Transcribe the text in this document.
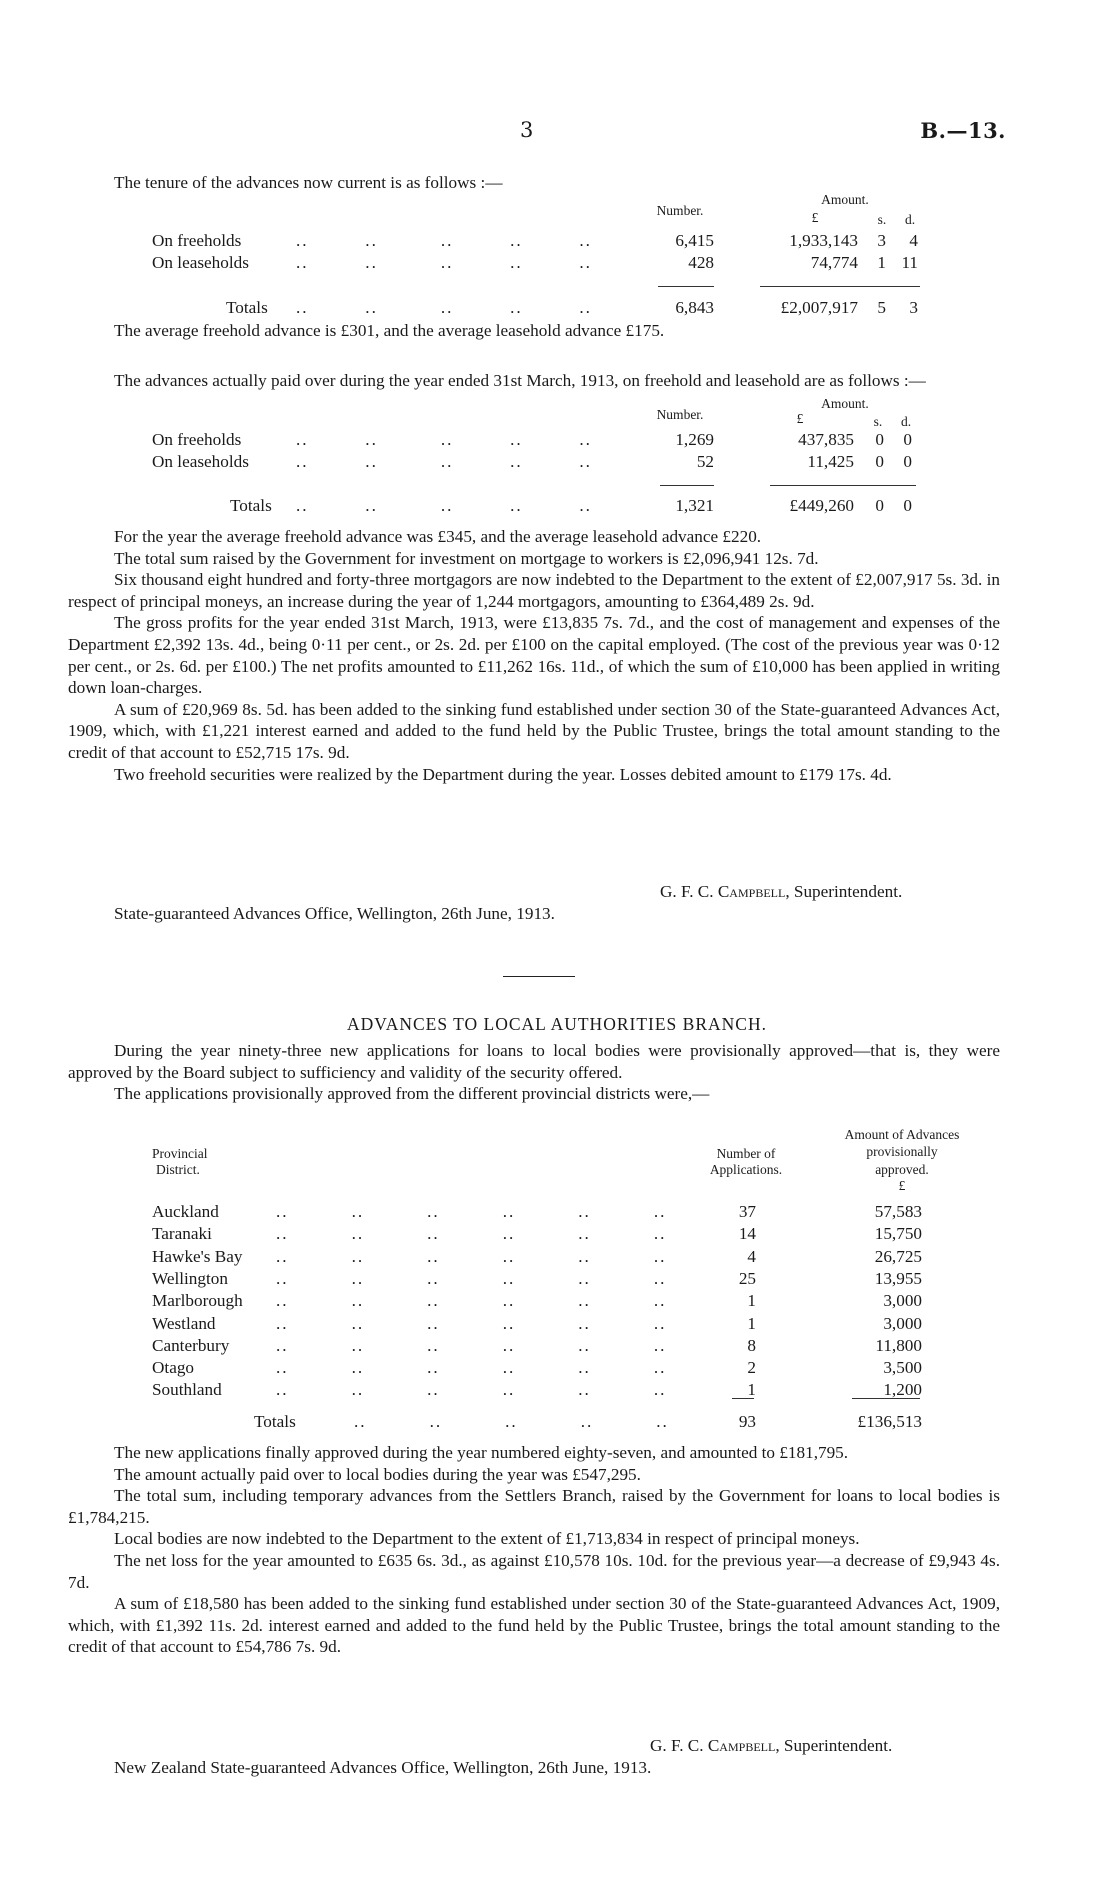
3	B.—13.

The tenure of the advances now current is as follows :—

Number.
Amount.
£	s.	d.
On freeholds	..         ..          ..         ..         ..	6,415	1,933,143	3	4
On leaseholds	..         ..          ..         ..         ..	428	74,774	1 11
Totals ..         ..          ..         ..         ..	6,843	£2,007,917	5	3

The average freehold advance is £301, and the average leasehold advance £175.

The advances actually paid over during the year ended 31st March, 1913, on freehold and leasehold are as follows :—

Number.
Amount.
£	s.	d.
On freeholds	..         ..          ..         ..         ..	1,269	437,835	0	0
On leaseholds	..         ..          ..         ..         ..	52	11,425	0	0
Totals ..         ..          ..         ..         ..	1,321	£449,260	0	0

For the year the average freehold advance was £345, and the average leasehold advance £220.

The total sum raised by the Government for investment on mortgage to workers is £2,096,941 12s. 7d.

Six thousand eight hundred and forty-three mortgagors are now indebted to the Department to the extent of £2,007,917 5s. 3d. in respect of principal moneys, an increase during the year of 1,244 mortgagors, amounting to £364,489 2s. 9d.

The gross profits for the year ended 31st March, 1913, were £13,835 7s. 7d., and the cost of management and expenses of the Department £2,392 13s. 4d., being 0·11 per cent., or 2s. 2d. per £100 on the capital employed. (The cost of the previous year was 0·12 per cent., or 2s. 6d. per £100.) The net profits amounted to £11,262 16s. 11d., of which the sum of £10,000 has been applied in writing down loan-charges.

A sum of £20,969 8s. 5d. has been added to the sinking fund established under section 30 of the State-guaranteed Advances Act, 1909, which, with £1,221 interest earned and added to the fund held by the Public Trustee, brings the total amount standing to the credit of that account to £52,715 17s. 9d.

Two freehold securities were realized by the Department during the year. Losses debited amount to £179 17s. 4d.

G. F. C. Campbell, Superintendent.
State-guaranteed Advances Office, Wellington, 26th June, 1913.
ADVANCES TO LOCAL AUTHORITIES BRANCH.

During the year ninety-three new applications for loans to local bodies were provisionally approved—that is, they were approved by the Board subject to sufficiency and validity of the security offered.

The applications provisionally approved from the different provincial districts were,—

Provincial
District.
Number of
Applications.
Amount of Advances
provisionally
approved.
£
Auckland	..          ..          ..          ..          ..          ..	37	57,583
Taranaki	..          ..          ..          ..          ..          ..	14	15,750
Hawke's Bay ..          ..          ..          ..          ..          ..	4	26,725
Wellington	..          ..          ..          ..          ..          ..	25	13,955
Marlborough ..          ..          ..          ..          ..          ..	1	3,000
Westland	..          ..          ..          ..          ..          ..	1	3,000
Canterbury	..          ..          ..          ..          ..          ..	8	11,800
Otago	..          ..          ..          ..          ..          ..	2	3,500
Southland	..          ..          ..          ..          ..          ..	1	1,200
Totals	..          ..          ..          ..          ..	93	£136,513

The new applications finally approved during the year numbered eighty-seven, and amounted to £181,795.

The amount actually paid over to local bodies during the year was £547,295.

The total sum, including temporary advances from the Settlers Branch, raised by the Government for loans to local bodies is £1,784,215.

Local bodies are now indebted to the Department to the extent of £1,713,834 in respect of principal moneys.

The net loss for the year amounted to £635 6s. 3d., as against £10,578 10s. 10d. for the previous year—a decrease of £9,943 4s. 7d.

A sum of £18,580 has been added to the sinking fund established under section 30 of the State-guaranteed Advances Act, 1909, which, with £1,392 11s. 2d. interest earned and added to the fund held by the Public Trustee, brings the total amount standing to the credit of that account to £54,786 7s. 9d.

G. F. C. Campbell, Superintendent.
New Zealand State-guaranteed Advances Office, Wellington, 26th June, 1913.
